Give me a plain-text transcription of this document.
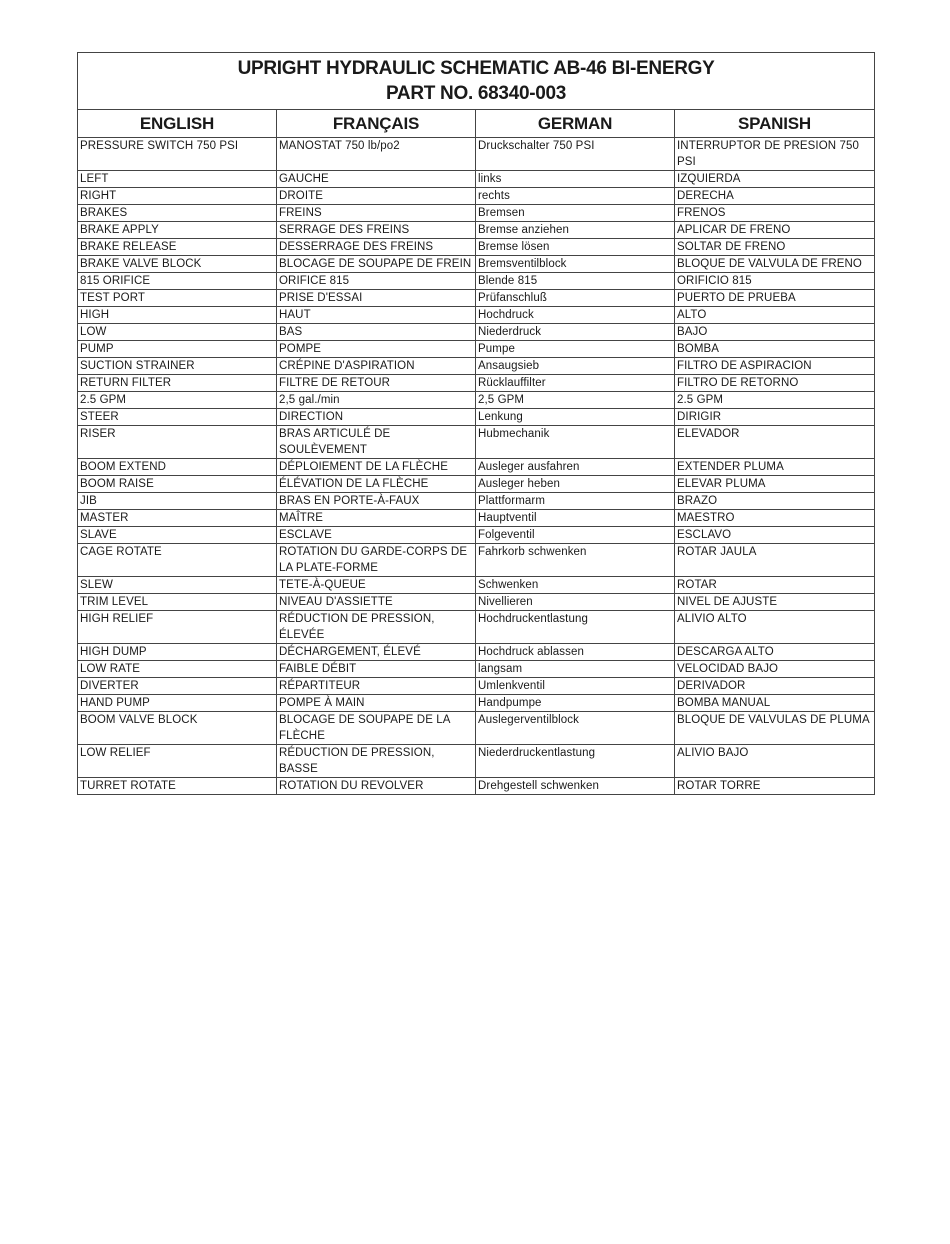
UPRIGHT HYDRAULIC SCHEMATIC AB-46 BI-ENERGY
PART NO. 68340-003			

ENGLISH	FRANÇAIS	GERMAN	SPANISH
PRESSURE SWITCH 750 PSI	MANOSTAT 750 lb/po2	Druckschalter 750 PSI	INTERRUPTOR DE PRESION 750 PSI
LEFT	GAUCHE	links	IZQUIERDA
RIGHT	DROITE	rechts	DERECHA
BRAKES	FREINS	Bremsen	FRENOS
BRAKE APPLY	SERRAGE DES FREINS	Bremse anziehen	APLICAR DE FRENO
BRAKE RELEASE	DESSERRAGE DES FREINS	Bremse lösen	SOLTAR DE FRENO
BRAKE VALVE BLOCK	BLOCAGE DE SOUPAPE DE FREIN	Bremsventilblock	BLOQUE DE VALVULA DE FRENO
815 ORIFICE	ORIFICE 815	Blende 815	ORIFICIO 815
TEST PORT	PRISE D'ESSAI	Prüfanschluß	PUERTO DE PRUEBA
HIGH	HAUT	Hochdruck	ALTO
LOW	BAS	Niederdruck	BAJO
PUMP	POMPE	Pumpe	BOMBA
SUCTION STRAINER	CRÉPINE D'ASPIRATION	Ansaugsieb	FILTRO DE ASPIRACION
RETURN FILTER	FILTRE DE RETOUR	Rücklauffilter	FILTRO DE RETORNO
2.5 GPM	2,5 gal./min	2,5 GPM	2.5 GPM
STEER	DIRECTION	Lenkung	DIRIGIR
RISER	BRAS ARTICULÉ DE SOULÈVEMENT	Hubmechanik	ELEVADOR
BOOM EXTEND	DÉPLOIEMENT DE LA FLÈCHE	Ausleger ausfahren	EXTENDER PLUMA
BOOM RAISE	ÉLÉVATION DE LA FLÈCHE	Ausleger heben	ELEVAR PLUMA
JIB	BRAS EN PORTE-À-FAUX	Plattformarm	BRAZO
MASTER	MAÎTRE	Hauptventil	MAESTRO
SLAVE	ESCLAVE	Folgeventil	ESCLAVO
CAGE ROTATE	ROTATION DU GARDE-CORPS DE LA PLATE-FORME	Fahrkorb schwenken	ROTAR JAULA
SLEW	TETE-À-QUEUE	Schwenken	ROTAR
TRIM LEVEL	NIVEAU D'ASSIETTE	Nivellieren	NIVEL DE AJUSTE
HIGH RELIEF	RÉDUCTION DE PRESSION, ÉLEVÉE	Hochdruckentlastung	ALIVIO ALTO
HIGH DUMP	DÉCHARGEMENT, ÉLEVÉ	Hochdruck ablassen	DESCARGA ALTO
LOW RATE	FAIBLE DÉBIT	langsam	VELOCIDAD BAJO
DIVERTER	RÉPARTITEUR	Umlenkventil	DERIVADOR
HAND PUMP	POMPE À MAIN	Handpumpe	BOMBA MANUAL
BOOM VALVE BLOCK	BLOCAGE DE SOUPAPE DE LA FLÈCHE	Auslegerventilblock	BLOQUE DE VALVULAS DE PLUMA
LOW RELIEF	RÉDUCTION DE PRESSION, BASSE	Niederdruckentlastung	ALIVIO BAJO
TURRET ROTATE	ROTATION DU REVOLVER	Drehgestell schwenken	ROTAR TORRE
